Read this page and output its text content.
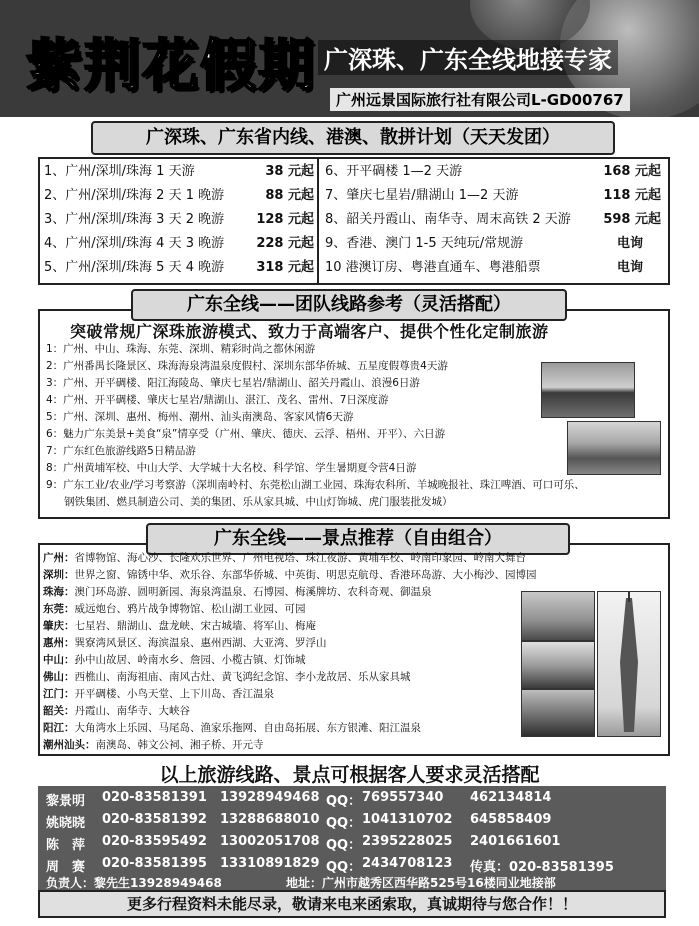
紫荆花假期 广深珠、广东全线地接专家
广州远景国际旅行社有限公司L-GD00767
广深珠、广东省内线、港澳、散拼计划（天天发团）
1、广州/深圳/珠海 1 天游	38 元起
2、广州/深圳/珠海 2 天 1 晚游	88 元起
3、广州/深圳/珠海 3 天 2 晚游 128 元起
4、广州/深圳/珠海 4 天 3 晚游 228 元起
5、广州/深圳/珠海 5 天 4 晚游 318 元起
6、开平碉楼 1—2 天游	168 元起
7、肇庆七星岩/鼎湖山 1—2 天游	118 元起
8、韶关丹霞山、南华寺、周末高铁 2 天游	598 元起
9、香港、澳门 1-5 天纯玩/常规游	电询
10 港澳订房、粤港直通车、粤港船票	电询
广东全线——团队线路参考（灵活搭配）
突破常规广深珠旅游模式、致力于高端客户、提供个性化定制旅游
1：广州、中山、珠海、东莞、深圳、精彩时尚之都休闲游
2：广州番禺长隆景区、珠海海泉湾温泉度假村、深圳东部华侨城、五星度假尊贵4天游
3：广州、开平碉楼、阳江海陵岛、肇庆七星岩/鼎湖山、韶关丹霞山、浪漫6日游
4：广州、开平碉楼、肇庆七星岩/鼎湖山、湛江、茂名、雷州、7日深度游
5：广州、深圳、惠州、梅州、潮州、汕头南澳岛、客家风情6天游
6：魅力广东美景+美食“泉”情享受（广州、肇庆、德庆、云浮、梧州、开平）、六日游
7：广东红色旅游线路5日精品游
8：广州黄埔军校、中山大学、大学城十大名校、科学馆、学生暑期夏令营4日游
9：广东工业/农业/学习考察游（深圳南岭村、东莞松山湖工业园、珠海农科所、羊城晚报社、珠江啤酒、可口可乐、
钢铁集团、燃具制造公司、美的集团、乐从家具城、中山灯饰城、虎门服装批发城）
广东全线——景点推荐（自由组合）
广州：省博物馆、海心沙、长隆欢乐世界、广州电视塔、珠江夜游、黄埔军校、岭南印象园、岭南大舞台
深圳：世界之窗、锦锈中华、欢乐谷、东部华侨城、中英街、明思克航母、香港环岛游、大小梅沙、园博园
珠海：澳门环岛游、圆明新园、海泉湾温泉、石博园、梅溪牌坊、农科奇观、御温泉
东莞：威远炮台、鸦片战争博物馆、松山湖工业园、可园
肇庆：七星岩、鼎湖山、盘龙峡、宋古城墙、将军山、梅庵
惠州：巽寮湾风景区、海滨温泉、惠州西湖、大亚湾、罗浮山
中山：孙中山故居、岭南水乡、詹园、小榄古镇、灯饰城
佛山：西樵山、南海祖庙、南风古灶、黄飞鸿纪念馆、李小龙故居、乐从家具城
江门：开平碉楼、小鸟天堂、上下川岛、香江温泉
韶关：丹霞山、南华寺、大峡谷
阳江：大角湾水上乐园、马尾岛、渔家乐拖网、自由岛拓展、东方银滩、阳江温泉
潮州汕头：南澳岛、韩文公祠、湘子桥、开元寺
以上旅游线路、景点可根据客人要求灵活搭配
黎景明 020-83581391 13928949468 QQ： 769557340 462134814
姚晓晓 020-83581392 13288688010 QQ： 1041310702 645858409
陈　萍 020-83595492 13002051708 QQ： 2395228025 2401661601
周　赛 020-83581395 13310891829 QQ： 2434708123 传真：020-83581395
负责人：黎先生13928949468	地址：广州市越秀区西华路525号16楼同业地接部
更多行程资料未能尽录，敬请来电来函索取，真诚期待与您合作！！
